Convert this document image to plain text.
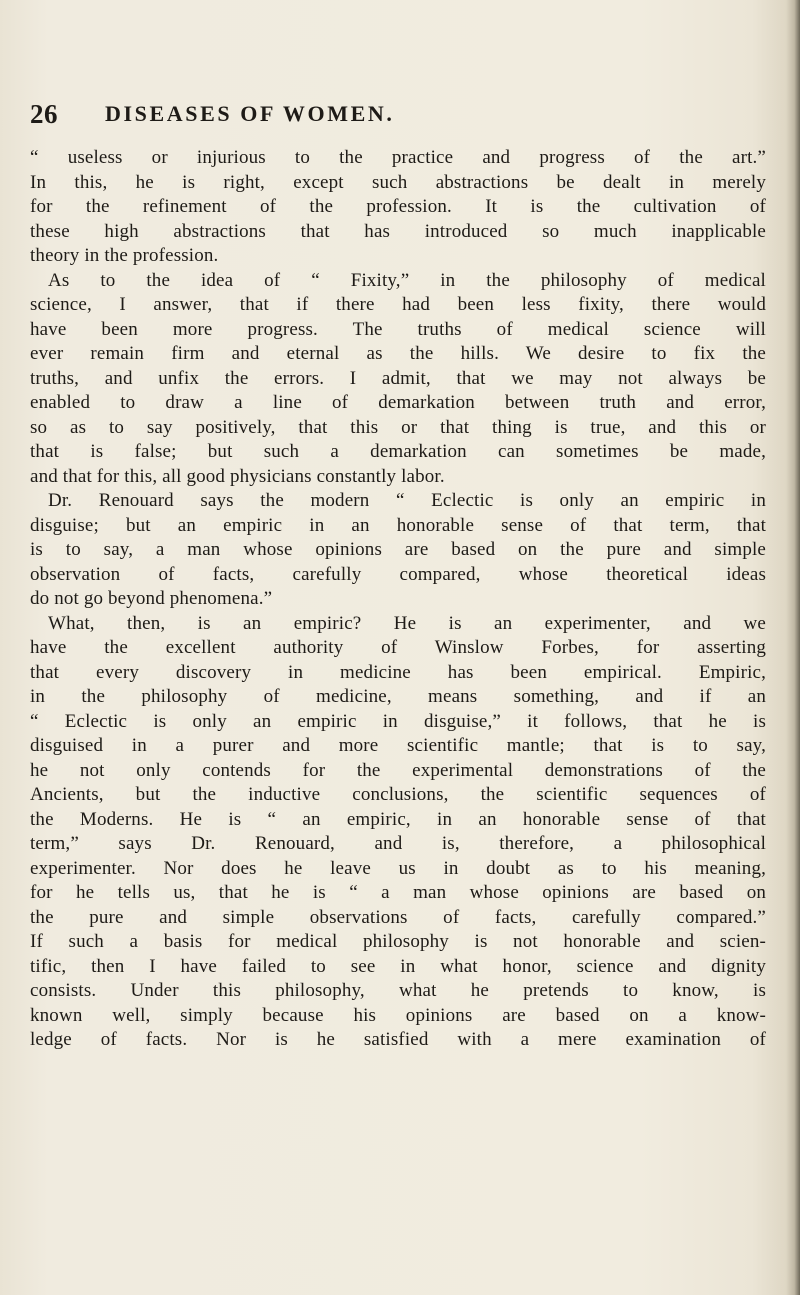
26 DISEASES OF WOMEN.
“ useless or injurious to the practice and progress of the art.”
In this, he is right, except such abstractions be dealt in merely
for the refinement of the profession. It is the cultivation of
these high abstractions that has introduced so much inapplicable
theory in the profession.
As to the idea of “ Fixity,” in the philosophy of medical
science, I answer, that if there had been less fixity, there would
have been more progress. The truths of medical science will
ever remain firm and eternal as the hills. We desire to fix the
truths, and unfix the errors. I admit, that we may not always be
enabled to draw a line of demarkation between truth and error,
so as to say positively, that this or that thing is true, and this or
that is false; but such a demarkation can sometimes be made,
and that for this, all good physicians constantly labor.
Dr. Renouard says the modern “ Eclectic is only an empiric in
disguise; but an empiric in an honorable sense of that term, that
is to say, a man whose opinions are based on the pure and simple
observation of facts, carefully compared, whose theoretical ideas
do not go beyond phenomena.”
What, then, is an empiric? He is an experimenter, and we
have the excellent authority of Winslow Forbes, for asserting
that every discovery in medicine has been empirical. Empiric,
in the philosophy of medicine, means something, and if an
“ Eclectic is only an empiric in disguise,” it follows, that he is
disguised in a purer and more scientific mantle; that is to say,
he not only contends for the experimental demonstrations of the
Ancients, but the inductive conclusions, the scientific sequences of
the Moderns. He is “ an empiric, in an honorable sense of that
term,” says Dr. Renouard, and is, therefore, a philosophical
experimenter. Nor does he leave us in doubt as to his meaning,
for he tells us, that he is “ a man whose opinions are based on
the pure and simple observations of facts, carefully compared.”
If such a basis for medical philosophy is not honorable and scien-
tific, then I have failed to see in what honor, science and dignity
consists. Under this philosophy, what he pretends to know, is
known well, simply because his opinions are based on a know-
ledge of facts. Nor is he satisfied with a mere examination of
